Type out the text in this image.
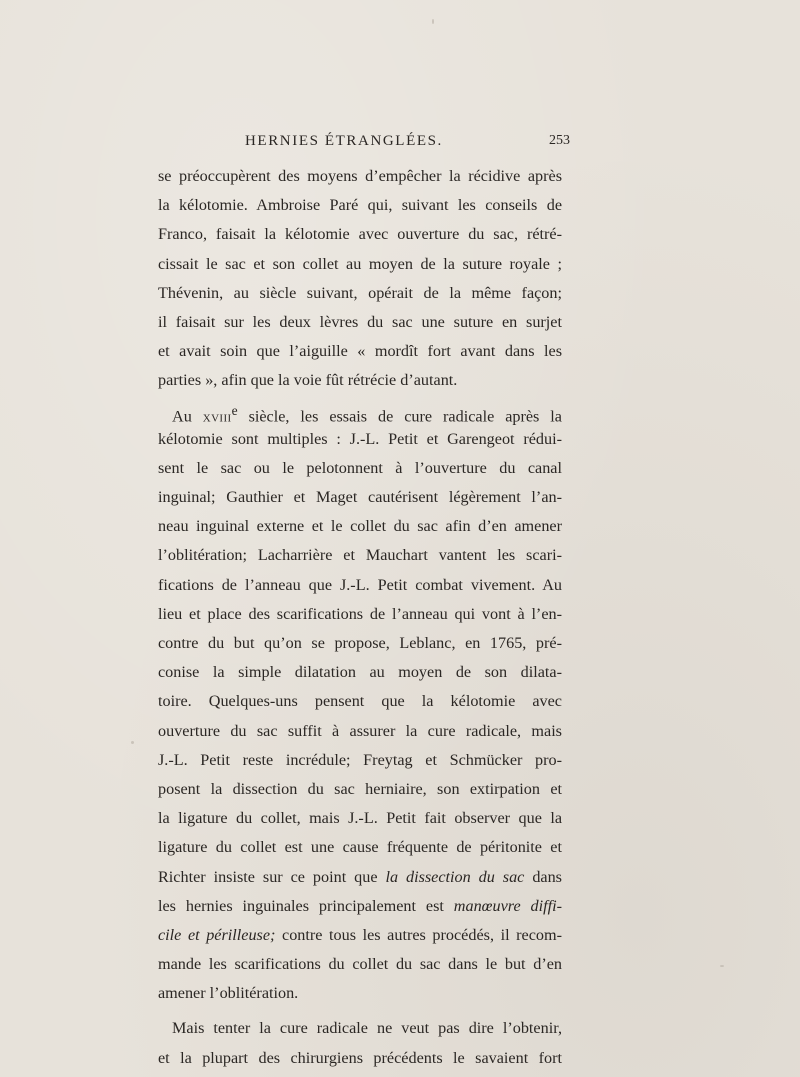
HERNIES ÉTRANGLÉES.	253
se préoccupèrent des moyens d’empêcher la récidive après
la kélotomie. Ambroise Paré qui, suivant les conseils de
Franco, faisait la kélotomie avec ouverture du sac, rétré-
cissait le sac et son collet au moyen de la suture royale ;
Thévenin, au siècle suivant, opérait de la même façon;
il faisait sur les deux lèvres du sac une suture en surjet
et avait soin que l’aiguille « mordît fort avant dans les
parties », afin que la voie fût rétrécie d’autant.
Au xviii$^e$ siècle, les essais de cure radicale après la
kélotomie sont multiples : J.-L. Petit et Garengeot rédui-
sent le sac ou le pelotonnent à l’ouverture du canal
inguinal; Gauthier et Maget cautérisent légèrement l’an-
neau inguinal externe et le collet du sac afin d’en amener
l’oblitération; Lacharrière et Mauchart vantent les scari-
fications de l’anneau que J.-L. Petit combat vivement. Au
lieu et place des scarifications de l’anneau qui vont à l’en-
contre du but qu’on se propose, Leblanc, en 1765, pré-
conise la simple dilatation au moyen de son dilata-
toire. Quelques-uns pensent que la kélotomie avec
ouverture du sac suffit à assurer la cure radicale, mais
J.-L. Petit reste incrédule; Freytag et Schmücker pro-
posent la dissection du sac herniaire, son extirpation et
la ligature du collet, mais J.-L. Petit fait observer que la
ligature du collet est une cause fréquente de péritonite et
Richter insiste sur ce point que la dissection du sac dans
les hernies inguinales principalement est manœuvre diffi-
cile et périlleuse; contre tous les autres procédés, il recom-
mande les scarifications du collet du sac dans le but d’en
amener l’oblitération.
Mais tenter la cure radicale ne veut pas dire l’obtenir,
et la plupart des chirurgiens précédents le savaient fort
